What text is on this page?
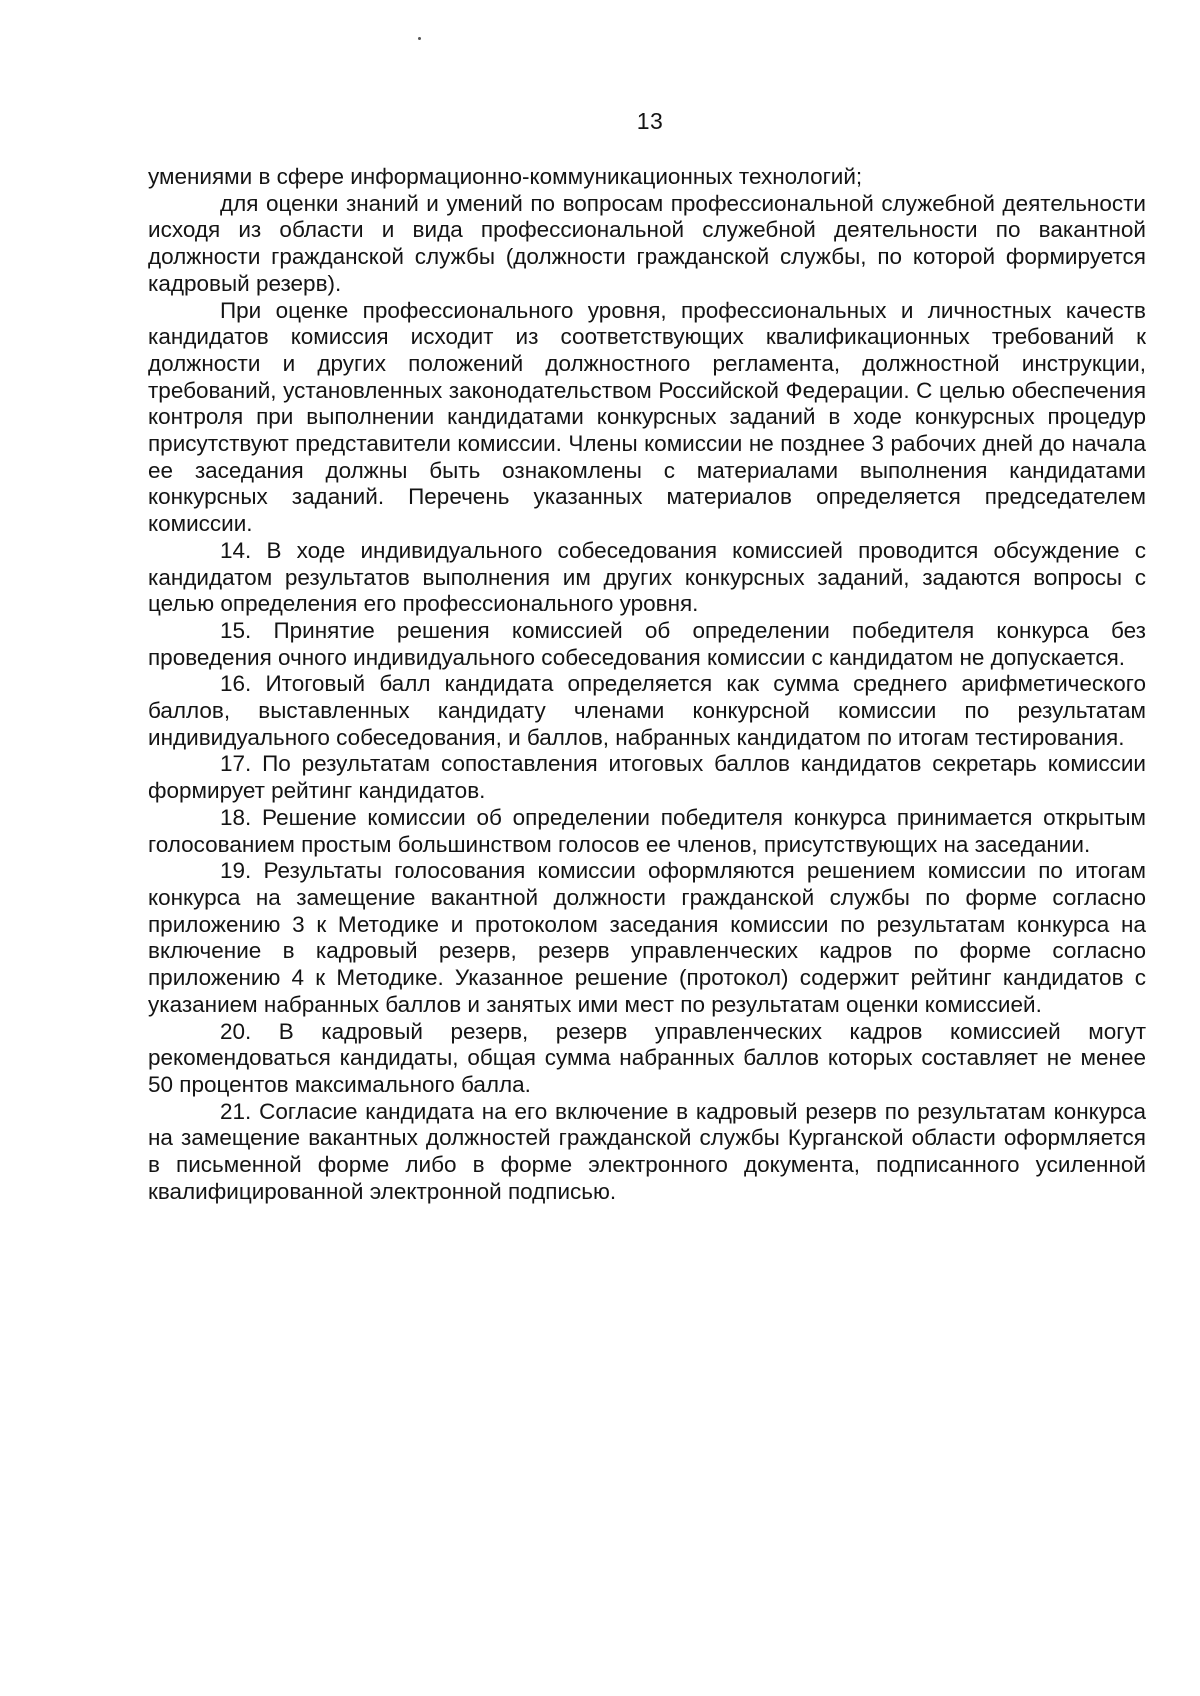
13

умениями в сфере информационно-коммуникационных технологий;

для оценки знаний и умений по вопросам профессиональной служебной деятельности исходя из области и вида профессиональной служебной деятельности по вакантной должности гражданской службы (должности гражданской службы, по которой формируется кадровый резерв).

При оценке профессионального уровня, профессиональных и личностных качеств кандидатов комиссия исходит из соответствующих квалификационных требований к должности и других положений должностного регламента, должностной инструкции, требований, установленных законодательством Российской Федерации. С целью обеспечения контроля при выполнении кандидатами конкурсных заданий в ходе конкурсных процедур присутствуют представители комиссии. Члены комиссии не позднее 3 рабочих дней до начала ее заседания должны быть ознакомлены с материалами выполнения кандидатами конкурсных заданий. Перечень указанных материалов определяется председателем комиссии.

14. В ходе индивидуального собеседования комиссией проводится обсуждение с кандидатом результатов выполнения им других конкурсных заданий, задаются вопросы с целью определения его профессионального уровня.

15. Принятие решения комиссией об определении победителя конкурса без проведения очного индивидуального собеседования комиссии с кандидатом не допускается.

16. Итоговый балл кандидата определяется как сумма среднего арифметического баллов, выставленных кандидату членами конкурсной комиссии по результатам индивидуального собеседования, и баллов, набранных кандидатом по итогам тестирования.

17. По результатам сопоставления итоговых баллов кандидатов секретарь комиссии формирует рейтинг кандидатов.

18. Решение комиссии об определении победителя конкурса принимается открытым голосованием простым большинством голосов ее членов, присутствующих на заседании.

19. Результаты голосования комиссии оформляются решением комиссии по итогам конкурса на замещение вакантной должности гражданской службы по форме согласно приложению 3 к Методике и протоколом заседания комиссии по результатам конкурса на включение в кадровый резерв, резерв управленческих кадров по форме согласно приложению 4 к Методике. Указанное решение (протокол) содержит рейтинг кандидатов с указанием набранных баллов и занятых ими мест по результатам оценки комиссией.

20. В кадровый резерв, резерв управленческих кадров комиссией могут рекомендоваться кандидаты, общая сумма набранных баллов которых составляет не менее 50 процентов максимального балла.

21. Согласие кандидата на его включение в кадровый резерв по результатам конкурса на замещение вакантных должностей гражданской службы Курганской области оформляется в письменной форме либо в форме электронного документа, подписанного усиленной квалифицированной электронной подписью.
